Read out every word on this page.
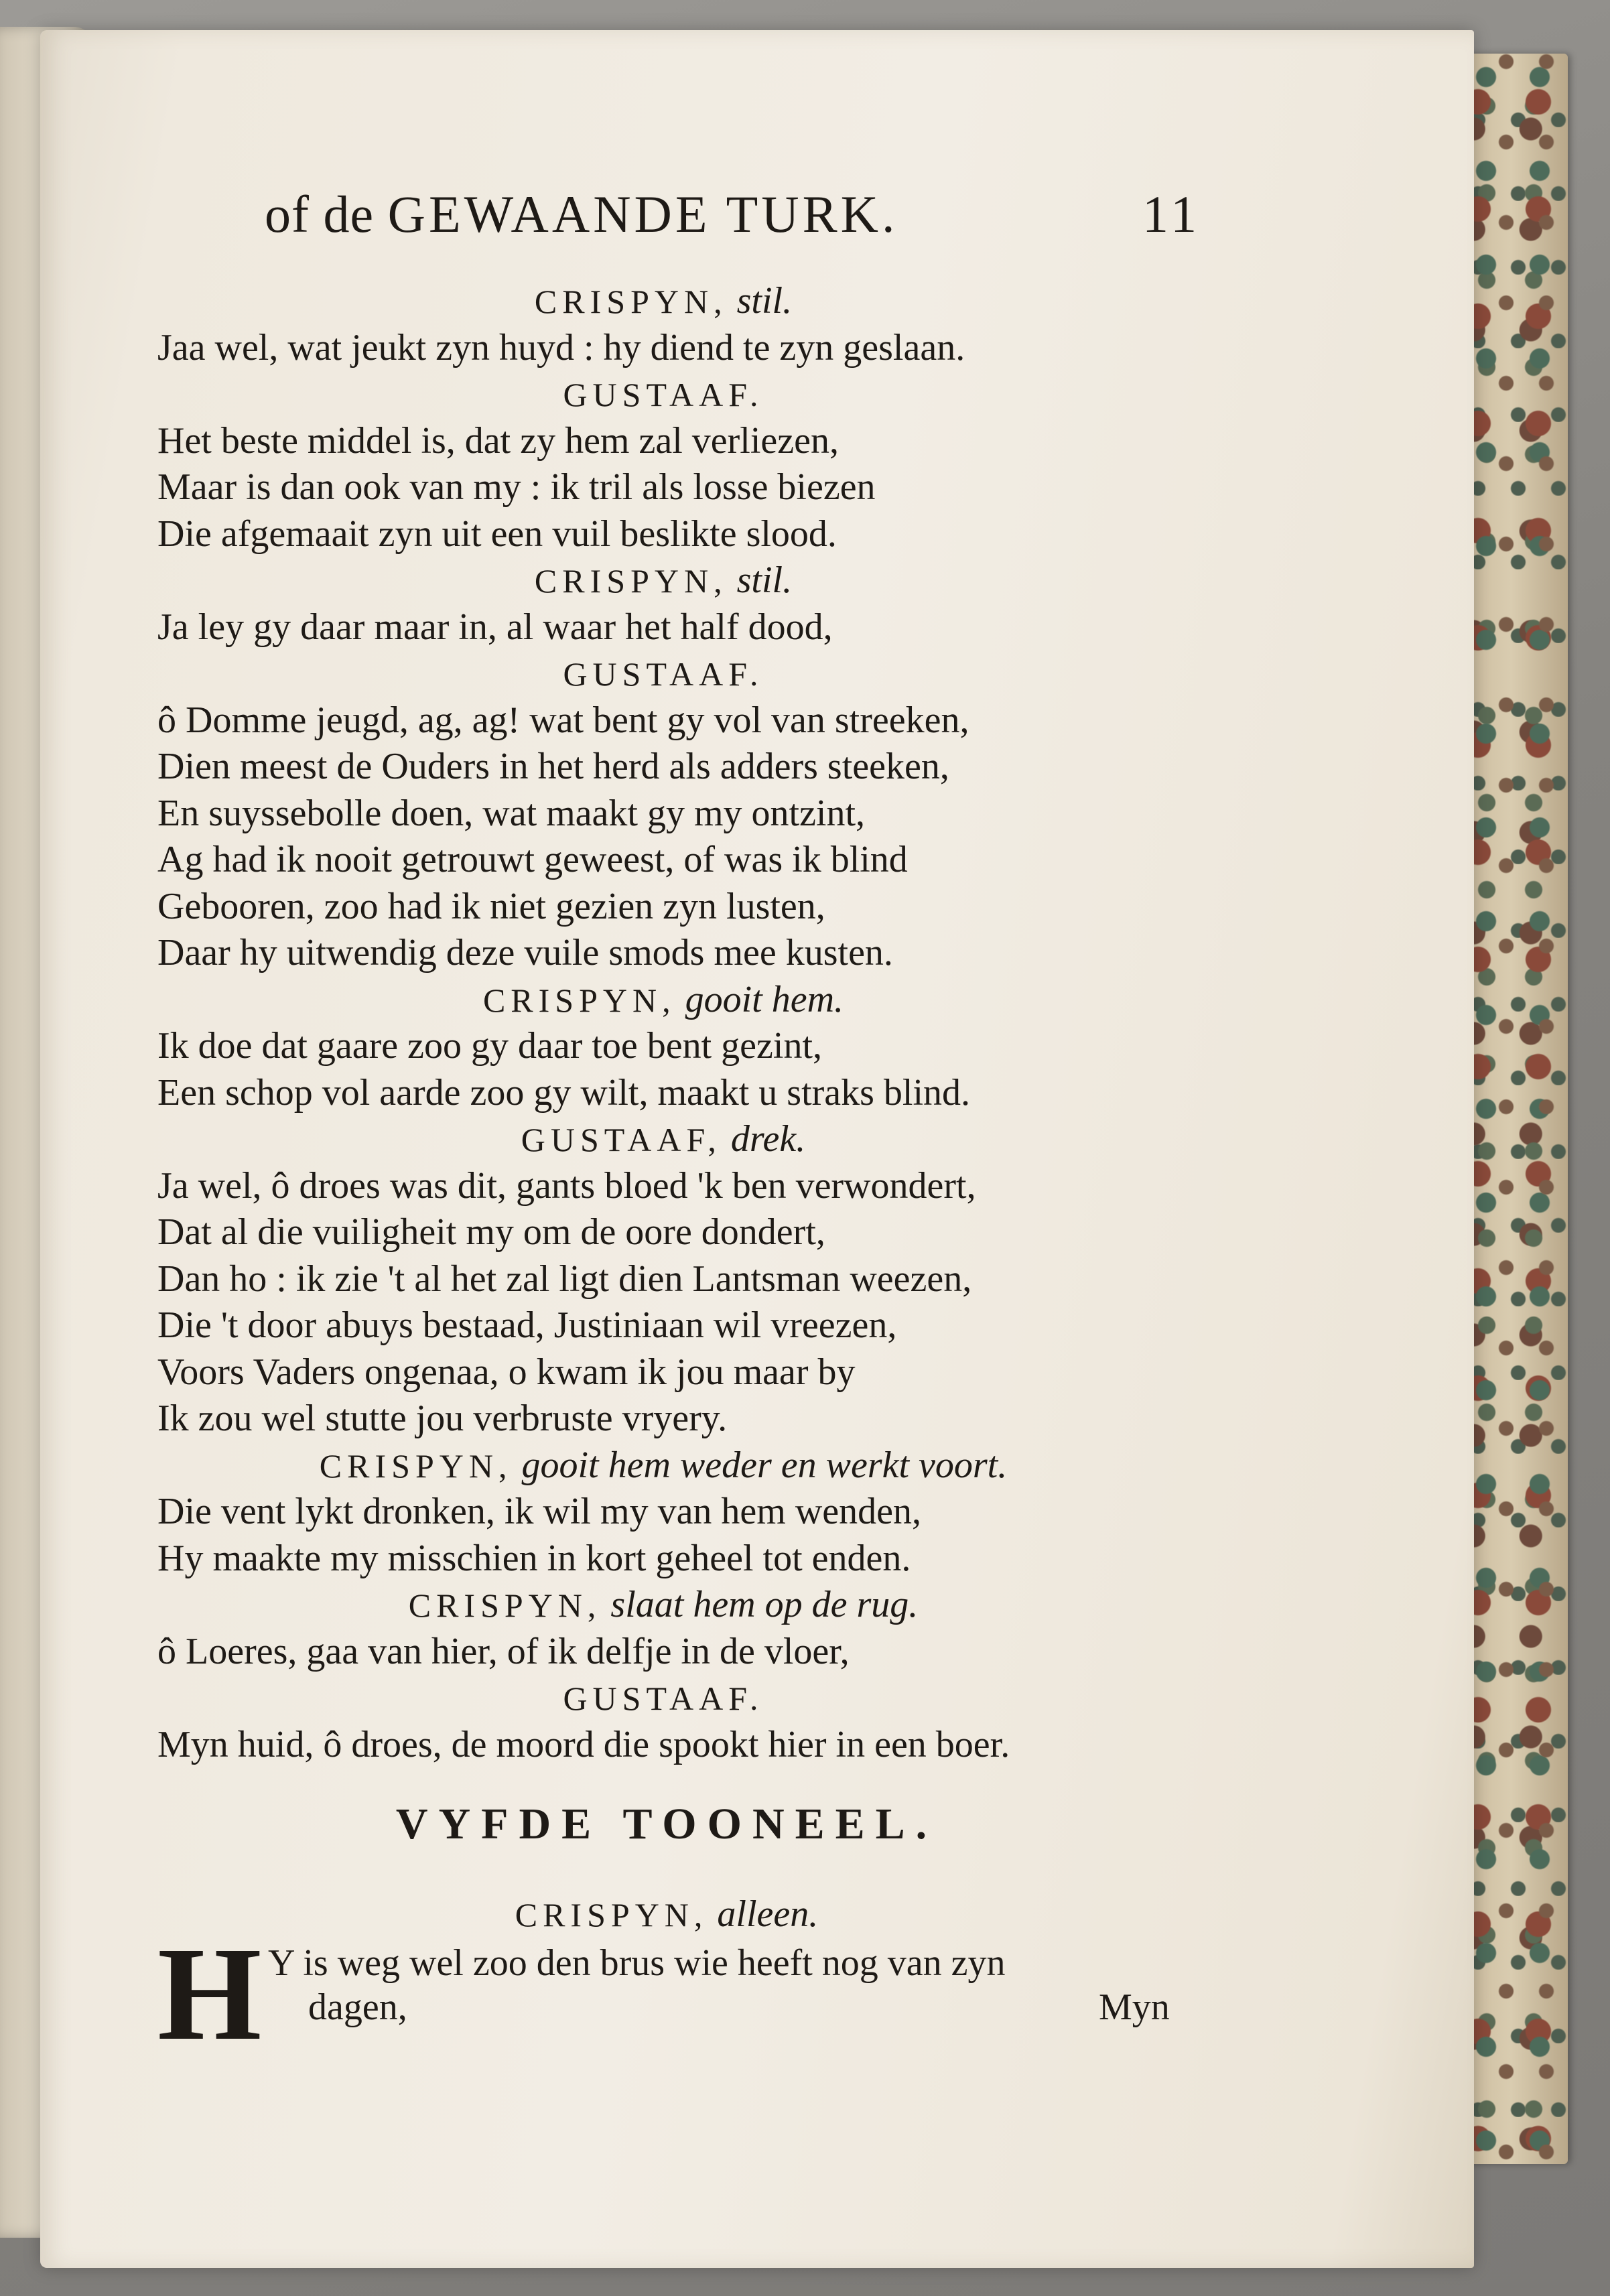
of de GEWAANDE TURK.	11
CRISPYN, stil.
Jaa wel, wat jeukt zyn huyd : hy diend te zyn geslaan.
GUSTAAF.
Het beste middel is, dat zy hem zal verliezen,
Maar is dan ook van my : ik tril als losse biezen
Die afgemaait zyn uit een vuil beslikte slood.
CRISPYN, stil.
Ja ley gy daar maar in, al waar het half dood,
GUSTAAF.
ô Domme jeugd, ag, ag! wat bent gy vol van streeken,
Dien meest de Ouders in het herd als adders steeken,
En suyssebolle doen, wat maakt gy my ontzint,
Ag had ik nooit getrouwt geweest, of was ik blind
Gebooren, zoo had ik niet gezien zyn lusten,
Daar hy uitwendig deze vuile smods mee kusten.
CRISPYN, gooit hem.
Ik doe dat gaare zoo gy daar toe bent gezint,
Een schop vol aarde zoo gy wilt, maakt u straks blind.
GUSTAAF, drek.
Ja wel, ô droes was dit, gants bloed 'k ben verwondert,
Dat al die vuiligheit my om de oore dondert,
Dan ho : ik zie 't al het zal ligt dien Lantsman weezen,
Die 't door abuys bestaad, Justiniaan wil vreezen,
Voors Vaders ongenaa, o kwam ik jou maar by
Ik zou wel stutte jou verbruste vryery.
CRISPYN, gooit hem weder en werkt voort.
Die vent lykt dronken, ik wil my van hem wenden,
Hy maakte my misschien in kort geheel tot enden.
CRISPYN, slaat hem op de rug.
ô Loeres, gaa van hier, of ik delfje in de vloer,
GUSTAAF.
Myn huid, ô droes, de moord die spookt hier in een boer.
VYFDE TOONEEL.
CRISPYN, alleen.
H Y is weg wel zoo den brus wie heeft nog van zyn
dagen,	Myn
